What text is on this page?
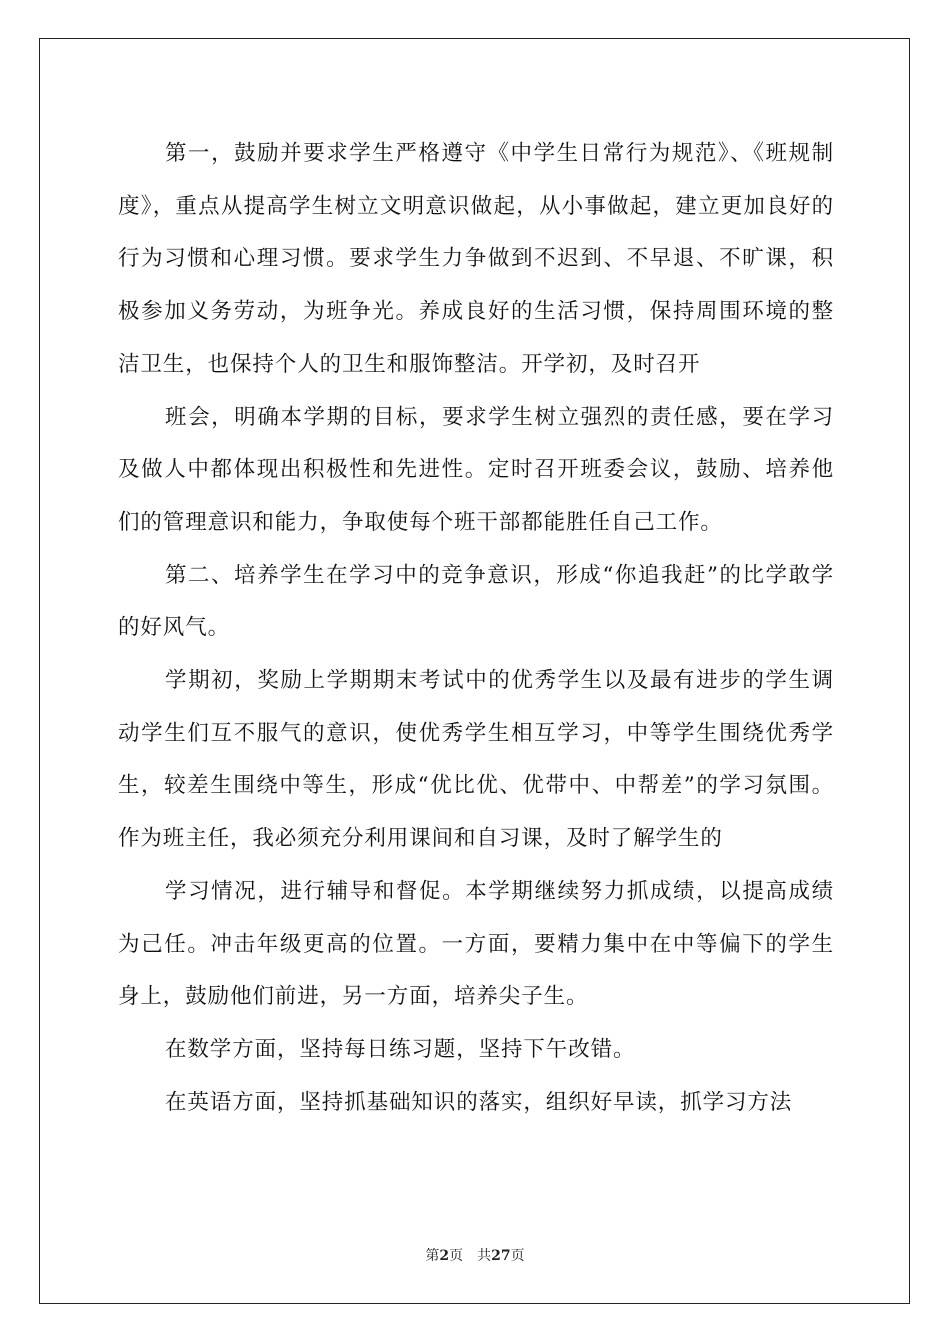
第一，鼓励并要求学生严格遵守《中学生日常行为规范》、《班规制度》，重点从提高学生树立文明意识做起，从小事做起，建立更加良好的行为习惯和心理习惯。要求学生力争做到不迟到、不早退、不旷课，积极参加义务劳动，为班争光。养成良好的生活习惯，保持周围环境的整洁卫生，也保持个人的卫生和服饰整洁。开学初，及时召开

班会，明确本学期的目标，要求学生树立强烈的责任感，要在学习及做人中都体现出积极性和先进性。定时召开班委会议，鼓励、培养他们的管理意识和能力，争取使每个班干部都能胜任自己工作。

第二、培养学生在学习中的竞争意识，形成“你追我赶”的比学敢学的好风气。

学期初，奖励上学期期末考试中的优秀学生以及最有进步的学生调动学生们互不服气的意识，使优秀学生相互学习，中等学生围绕优秀学生，较差生围绕中等生，形成“优比优、优带中、中帮差”的学习氛围。作为班主任，我必须充分利用课间和自习课，及时了解学生的

学习情况，进行辅导和督促。本学期继续努力抓成绩，以提高成绩为己任。冲击年级更高的位置。一方面，要精力集中在中等偏下的学生身上，鼓励他们前进，另一方面，培养尖子生。

在数学方面，坚持每日练习题，坚持下午改错。

在英语方面，坚持抓基础知识的落实，组织好早读，抓学习方法

第2页 共27页
